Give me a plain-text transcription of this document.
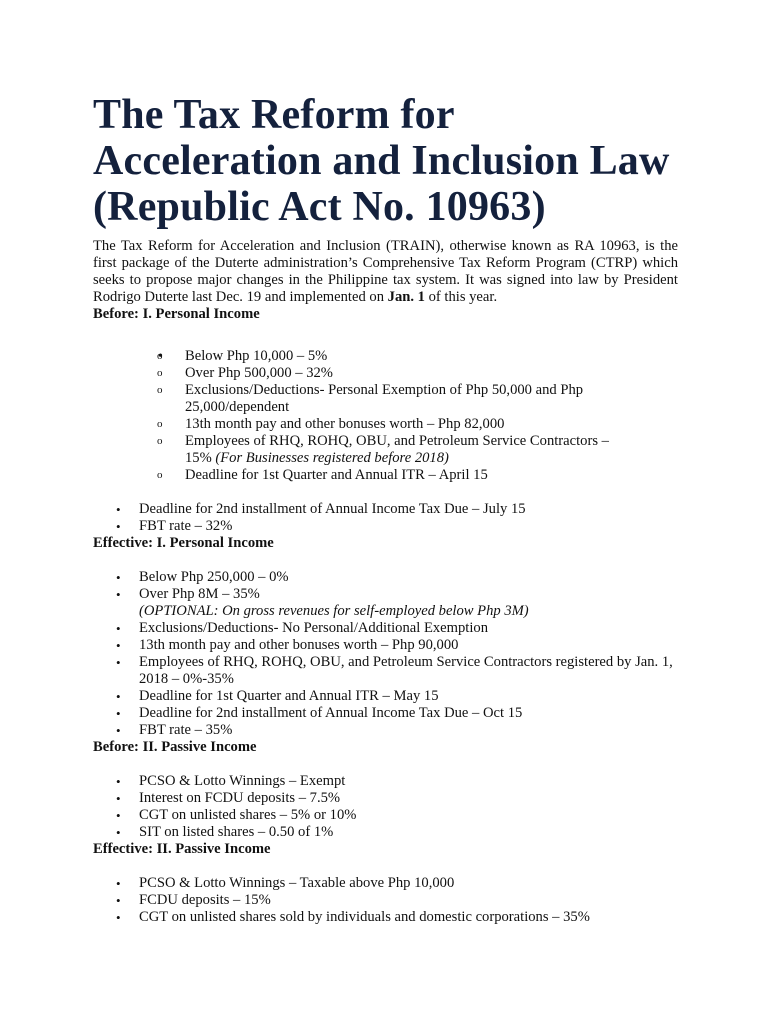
The Tax Reform for Acceleration and Inclusion Law (Republic Act No. 10963)

The Tax Reform for Acceleration and Inclusion (TRAIN), otherwise known as RA 10963, is the first package of the Duterte administration’s Comprehensive Tax Reform Program (CTRP) which seeks to propose major changes in the Philippine tax system. It was signed into law by President Rodrigo Duterte last Dec. 19 and implemented on Jan. 1 of this year.

Before: I. Personal Income
o Below Php 10,000 – 5%
o Over Php 500,000 – 32%
o Exclusions/Deductions- Personal Exemption of Php 50,000 and Php 25,000/dependent
o 13th month pay and other bonuses worth – Php 82,000
o Employees of RHQ, ROHQ, OBU, and Petroleum Service Contractors –
15% (For Businesses registered before 2018)
o Deadline for 1st Quarter and Annual ITR – April 15
• Deadline for 2nd installment of Annual Income Tax Due – July 15
• FBT rate – 32%
Effective: I. Personal Income
• Below Php 250,000 – 0%
• Over Php 8M – 35%
(OPTIONAL: On gross revenues for self-employed below Php 3M)
• Exclusions/Deductions- No Personal/Additional Exemption
• 13th month pay and other bonuses worth – Php 90,000
• Employees of RHQ, ROHQ, OBU, and Petroleum Service Contractors registered by Jan. 1, 2018 – 0%-35%
• Deadline for 1st Quarter and Annual ITR – May 15
• Deadline for 2nd installment of Annual Income Tax Due – Oct 15
• FBT rate – 35%
Before: II. Passive Income
• PCSO & Lotto Winnings – Exempt
• Interest on FCDU deposits – 7.5%
• CGT on unlisted shares – 5% or 10%
• SIT on listed shares – 0.50 of 1%
Effective: II. Passive Income
• PCSO & Lotto Winnings – Taxable above Php 10,000
• FCDU deposits – 15%
• CGT on unlisted shares sold by individuals and domestic corporations – 35%
